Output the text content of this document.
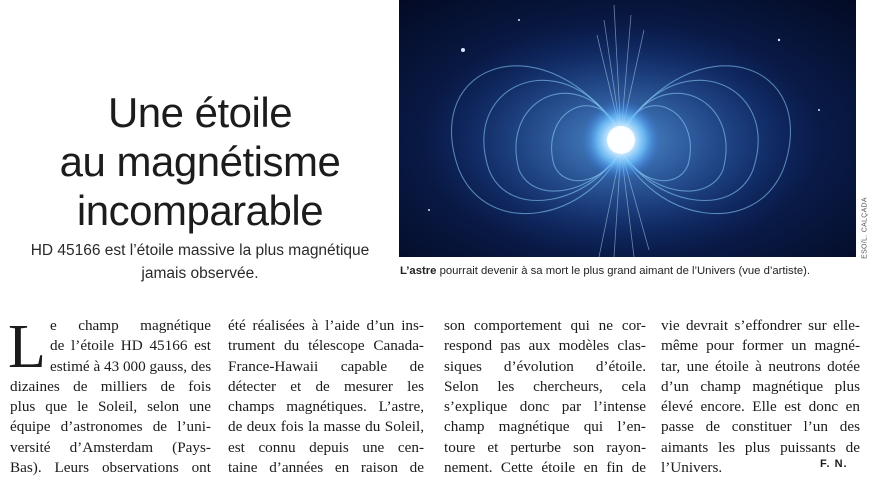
Une étoile
au magnétisme
incomparable

HD 45166 est l’étoile massive la plus magnétique
jamais observée.

ESO/L. CALÇADA
L’astre pourrait devenir à sa mort le plus grand aimant de l’Univers (vue d’artiste).
L e champ magnétique
de l’étoile HD 45166 est
estimé à 43 000 gauss, des
dizaines de milliers de fois
plus que le Soleil, selon une
équipe d’astronomes de l’uni-
versité d’Amsterdam (Pays-
Bas). Leurs observations ont

été réalisées à l’aide d’un ins-
trument du télescope Canada-
France-Hawaii capable de
détecter et de mesurer les
champs magnétiques. L’astre,
de deux fois la masse du Soleil,
est connu depuis une cen-
taine d’années en raison de

son comportement qui ne cor-
respond pas aux modèles clas-
siques d’évolution d’étoile.
Selon les chercheurs, cela
s’explique donc par l’intense
champ magnétique qui l’en-
toure et perturbe son rayon-
nement. Cette étoile en fin de

vie devrait s’effondrer sur elle-
même pour former un magné-
tar, une étoile à neutrons dotée
d’un champ magnétique plus
élevé encore. Elle est donc en
passe de constituer l’un des
aimants les plus puissants de
l’Univers.	F. N.
